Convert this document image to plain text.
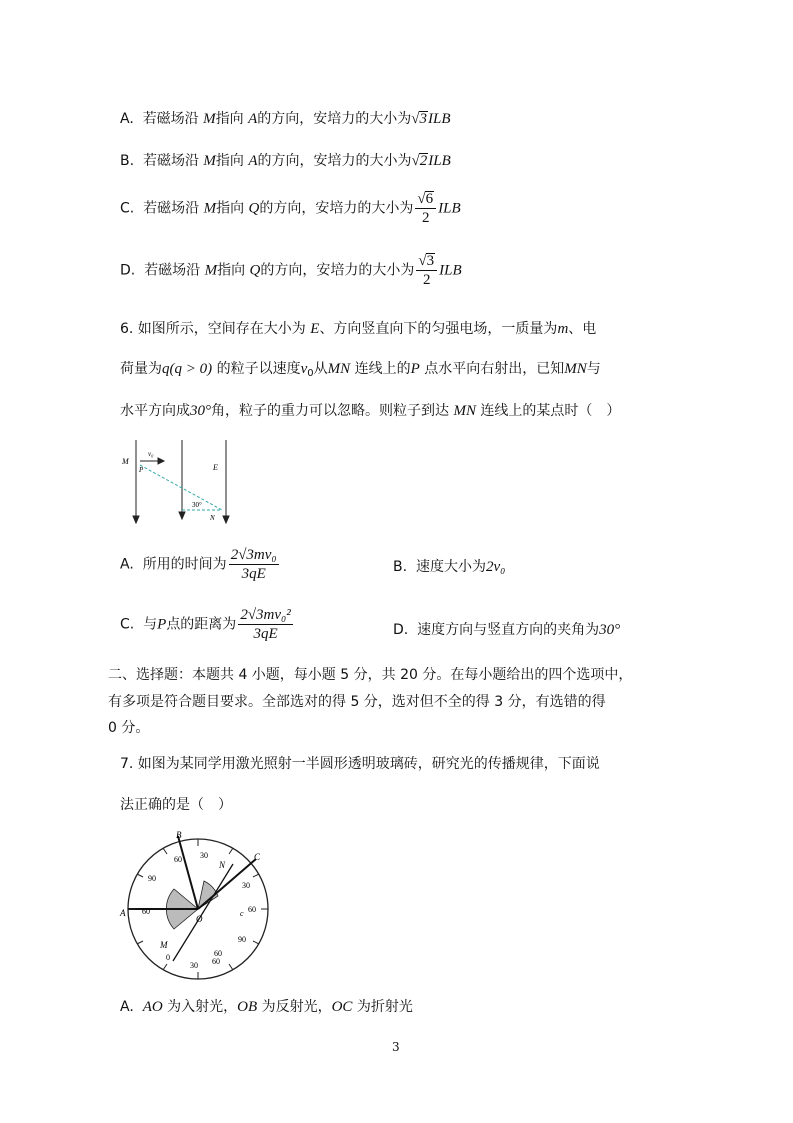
A. 若磁场沿 M指向 A的方向，安培力的大小为√3ILB
B. 若磁场沿 M指向 A的方向，安培力的大小为√2ILB
C. 若磁场沿 M指向 Q的方向，安培力的大小为 $\frac{√6}{2}$ ILB
D. 若磁场沿 M指向 Q的方向，安培力的大小为 $\frac{√3}{2}$ ILB
6. 如图所示，空间存在大小为 E、方向竖直向下的匀强电场，一质量为m、电
荷量为q(q > 0) 的粒子以速度$v_0$从MN 连线上的P 点水平向右射出，已知MN与
水平方向成30°角，粒子的重力可以忽略。则粒子到达 MN 连线上的某点时（　）
M
v₀
P	E
30°
N
A. 所用的时间为 $\frac{\text{2√3mv₀}}{3qE}$	B. 速度大小为2v₀
C. 与P点的距离为 $\frac{\text{2√3mv₀²}}{3qE}$	D. 速度方向与竖直方向的夹角为30°
二、选择题：本题共 4 小题，每小题 5 分，共 20 分。在每小题给出的四个选项中，
有多项是符合题目要求。全部选对的得 5 分，选对但不全的得 3 分，有选错的得
0 分。
7. 如图为某同学用激光照射一半圆形透明玻璃砖，研究光的传播规律，下面说
法正确的是（　）
B
C
A
N
O
M
c
60 30
30
60
90
60
60
90
60
30
0
A. AO 为入射光，OB 为反射光，OC 为折射光
3
